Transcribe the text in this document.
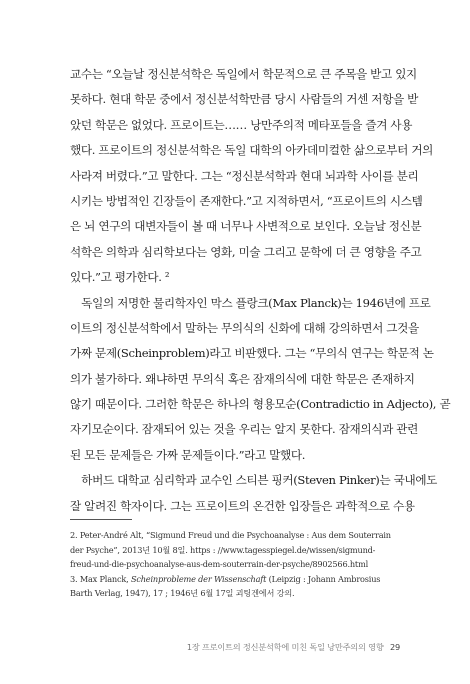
교수는 “오늘날 정신분석학은 독일에서 학문적으로 큰 주목을 받고 있지
못하다. 현대 학문 중에서 정신분석학만큼 당시 사람들의 거센 저항을 받
았던 학문은 없었다. 프로이트는…… 낭만주의적 메타포들을 즐겨 사용
했다. 프로이트의 정신분석학은 독일 대학의 아카데미컬한 삶으로부터 거의
사라져 버렸다.”고 말한다. 그는 “정신분석학과 현대 뇌과학 사이를 분리
시키는 방법적인 긴장들이 존재한다.”고 지적하면서, “프로이트의 시스템
은 뇌 연구의 대변자들이 볼 때 너무나 사변적으로 보인다. 오늘날 정신분
석학은 의학과 심리학보다는 영화, 미술 그리고 문학에 더 큰 영향을 주고
있다.”고 평가한다. ²
　독일의 저명한 물리학자인 막스 플랑크(Max Planck)는 1946년에 프로
이트의 정신분석학에서 말하는 무의식의 신화에 대해 강의하면서 그것을
가짜 문제(Scheinproblem)라고 비판했다. 그는 “무의식 연구는 학문적 논
의가 불가하다. 왜냐하면 무의식 혹은 잠재의식에 대한 학문은 존재하지
않기 때문이다. 그러한 학문은 하나의 형용모순(Contradictio in Adjecto), 곧
자기모순이다. 잠재되어 있는 것을 우리는 알지 못한다. 잠재의식과 관련
된 모든 문제들은 가짜 문제들이다.”라고 말했다.
　하버드 대학교 심리학과 교수인 스티븐 핑커(Steven Pinker)는 국내에도
잘 알려진 학자이다. 그는 프로이트의 온건한 입장들은 과학적으로 수용
2. Peter-André Alt, “Sigmund Freud und die Psychoanalyse : Aus dem Souterrain
der Psyche”, 2013년 10월 8일. https : //www.tagesspiegel.de/wissen/sigmund-
freud-und-die-psychoanalyse-aus-dem-souterrain-der-psyche/8902566.html
3. Max Planck, Scheinprobleme der Wissenschaft (Leipzig : Johann Ambrosius
Barth Verlag, 1947), 17 ; 1946년 6월 17일 괴팅겐에서 강의.
1장 프로이트의 정신분석학에 미친 독일 낭만주의의 영향 29
